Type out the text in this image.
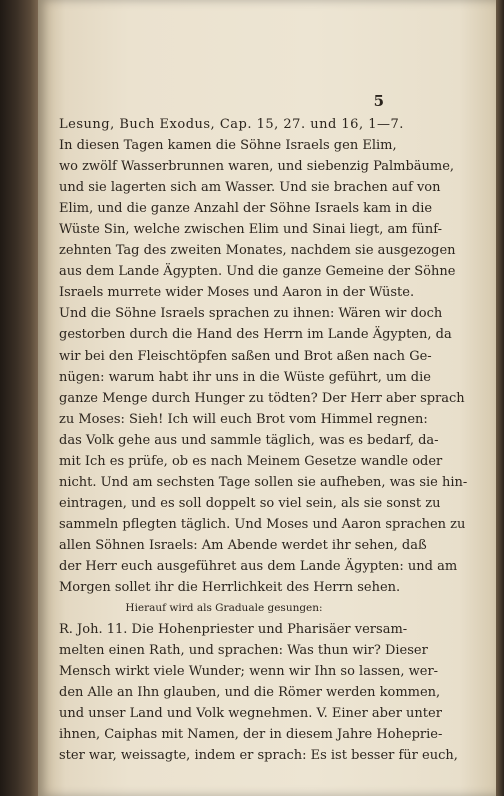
5
Lesung, Buch Exodus, Cap. 15, 27. und 16, 1—7.
In diesen Tagen kamen die Söhne Israels gen Elim,
wo zwölf Wasserbrunnen waren, und siebenzig Palmbäume,
und sie lagerten sich am Wasser. Und sie brachen auf von
Elim, und die ganze Anzahl der Söhne Israels kam in die
Wüste Sin, welche zwischen Elim und Sinai liegt, am fünf-
zehnten Tag des zweiten Monates, nachdem sie ausgezogen
aus dem Lande Ägypten. Und die ganze Gemeine der Söhne
Israels murrete wider Moses und Aaron in der Wüste.
Und die Söhne Israels sprachen zu ihnen: Wären wir doch
gestorben durch die Hand des Herrn im Lande Ägypten, da
wir bei den Fleischtöpfen saßen und Brot aßen nach Ge-
nügen: warum habt ihr uns in die Wüste geführt, um die
ganze Menge durch Hunger zu tödten? Der Herr aber sprach
zu Moses: Sieh! Ich will euch Brot vom Himmel regnen:
das Volk gehe aus und sammle täglich, was es bedarf, da-
mit Ich es prüfe, ob es nach Meinem Gesetze wandle oder
nicht. Und am sechsten Tage sollen sie aufheben, was sie hin-
eintragen, und es soll doppelt so viel sein, als sie sonst zu
sammeln pflegten täglich. Und Moses und Aaron sprachen zu
allen Söhnen Israels: Am Abende werdet ihr sehen, daß
der Herr euch ausgeführet aus dem Lande Ägypten: und am
Morgen sollet ihr die Herrlichkeit des Herrn sehen.
Hierauf wird als Graduale gesungen:
R. Joh. 11. Die Hohenpriester und Pharisäer versam-
melten einen Rath, und sprachen: Was thun wir? Dieser
Mensch wirkt viele Wunder; wenn wir Ihn so lassen, wer-
den Alle an Ihn glauben, und die Römer werden kommen,
und unser Land und Volk wegnehmen. V. Einer aber unter
ihnen, Caiphas mit Namen, der in diesem Jahre Hoheprie-
ster war, weissagte, indem er sprach: Es ist besser für euch,
